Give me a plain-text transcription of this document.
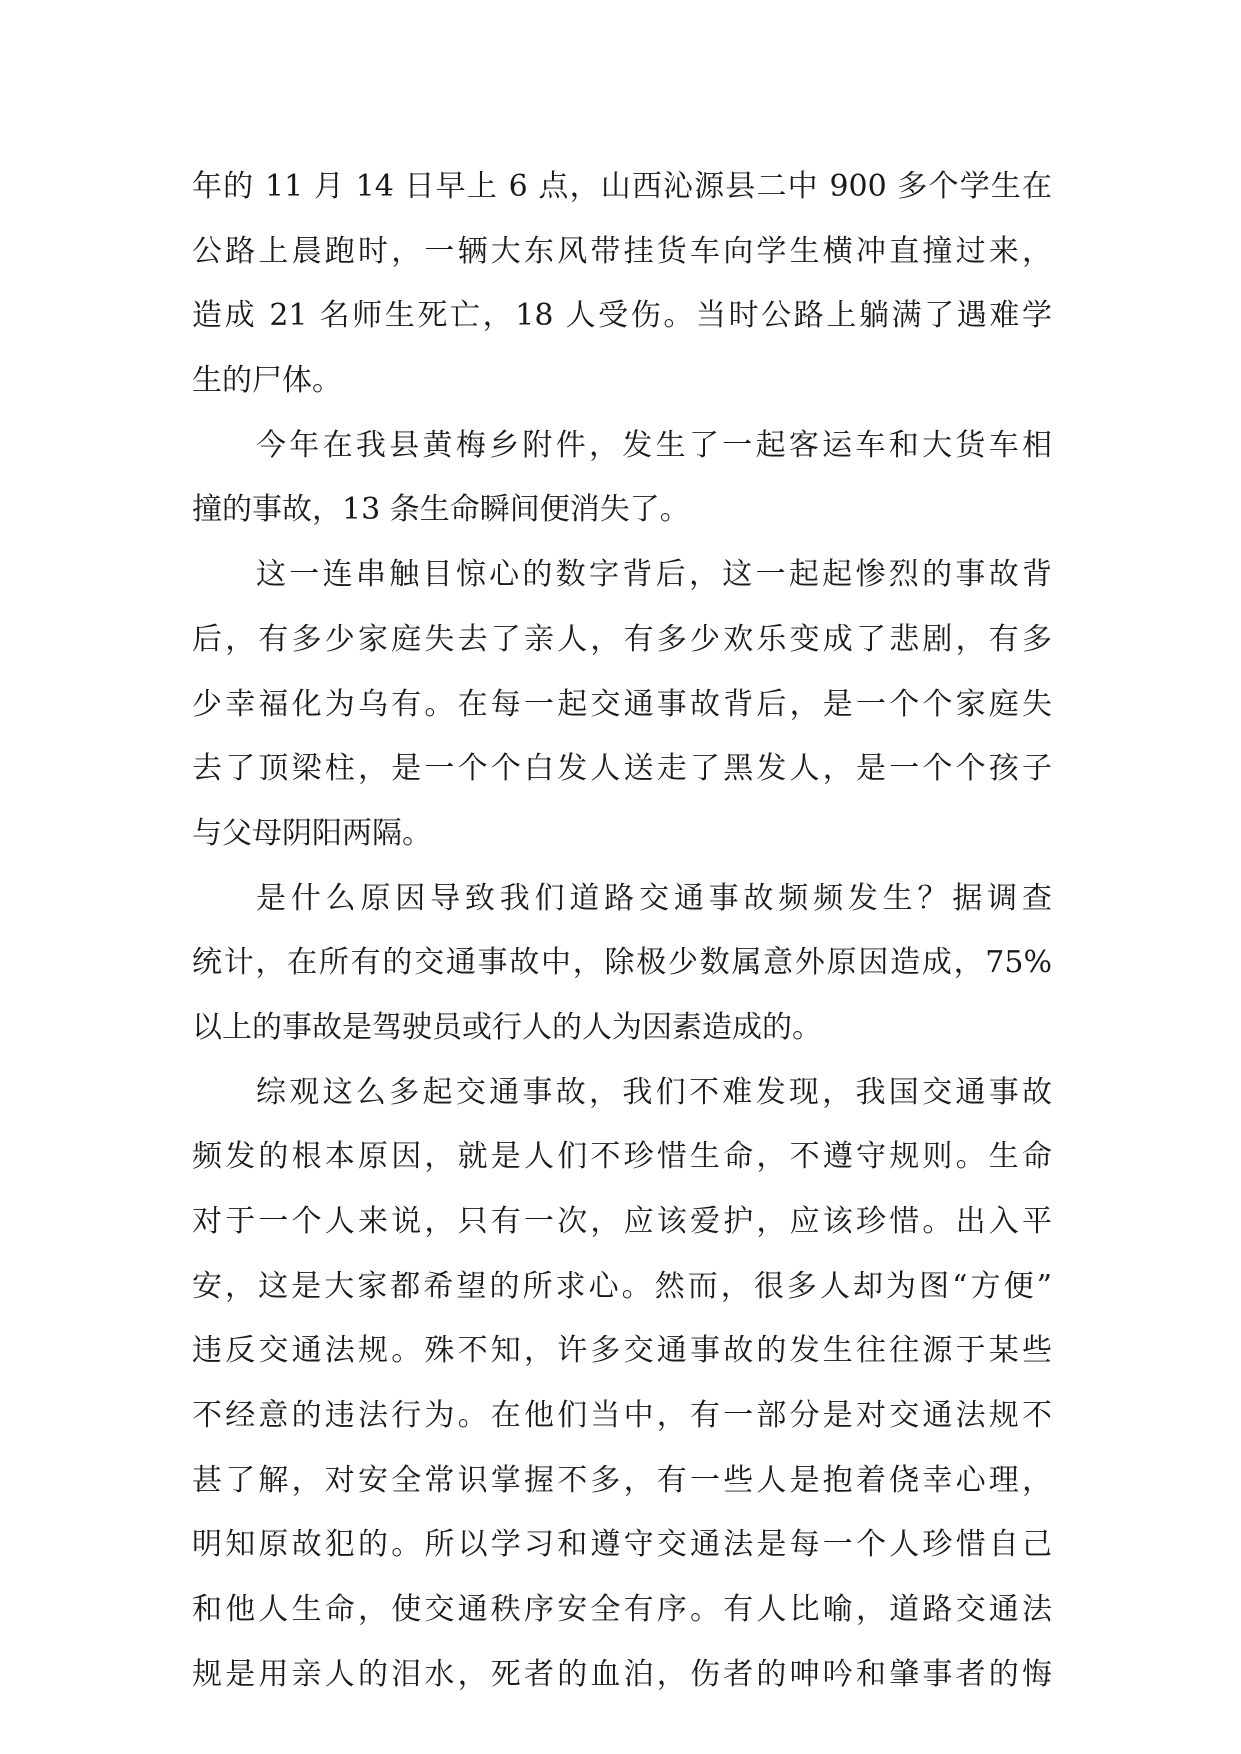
年的 11 月 14 日早上 6 点，山西沁源县二中 900 多个学生在
公路上晨跑时，一辆大东风带挂货车向学生横冲直撞过来，
造成 21 名师生死亡，18 人受伤。当时公路上躺满了遇难学
生的尸体。
今年在我县黄梅乡附件，发生了一起客运车和大货车相
撞的事故，13 条生命瞬间便消失了。
这一连串触目惊心的数字背后，这一起起惨烈的事故背
后，有多少家庭失去了亲人，有多少欢乐变成了悲剧，有多
少幸福化为乌有。在每一起交通事故背后，是一个个家庭失
去了顶梁柱，是一个个白发人送走了黑发人，是一个个孩子
与父母阴阳两隔。
是什么原因导致我们道路交通事故频频发生？据调查
统计，在所有的交通事故中，除极少数属意外原因造成，75%
以上的事故是驾驶员或行人的人为因素造成的。
综观这么多起交通事故，我们不难发现，我国交通事故
频发的根本原因，就是人们不珍惜生命，不遵守规则。生命
对于一个人来说，只有一次，应该爱护，应该珍惜。出入平
安，这是大家都希望的所求心。然而，很多人却为图“方便”
违反交通法规。殊不知，许多交通事故的发生往往源于某些
不经意的违法行为。在他们当中，有一部分是对交通法规不
甚了解，对安全常识掌握不多，有一些人是抱着侥幸心理，
明知原故犯的。所以学习和遵守交通法是每一个人珍惜自己
和他人生命，使交通秩序安全有序。有人比喻，道路交通法
规是用亲人的泪水，死者的血泊，伤者的呻吟和肇事者的悔
